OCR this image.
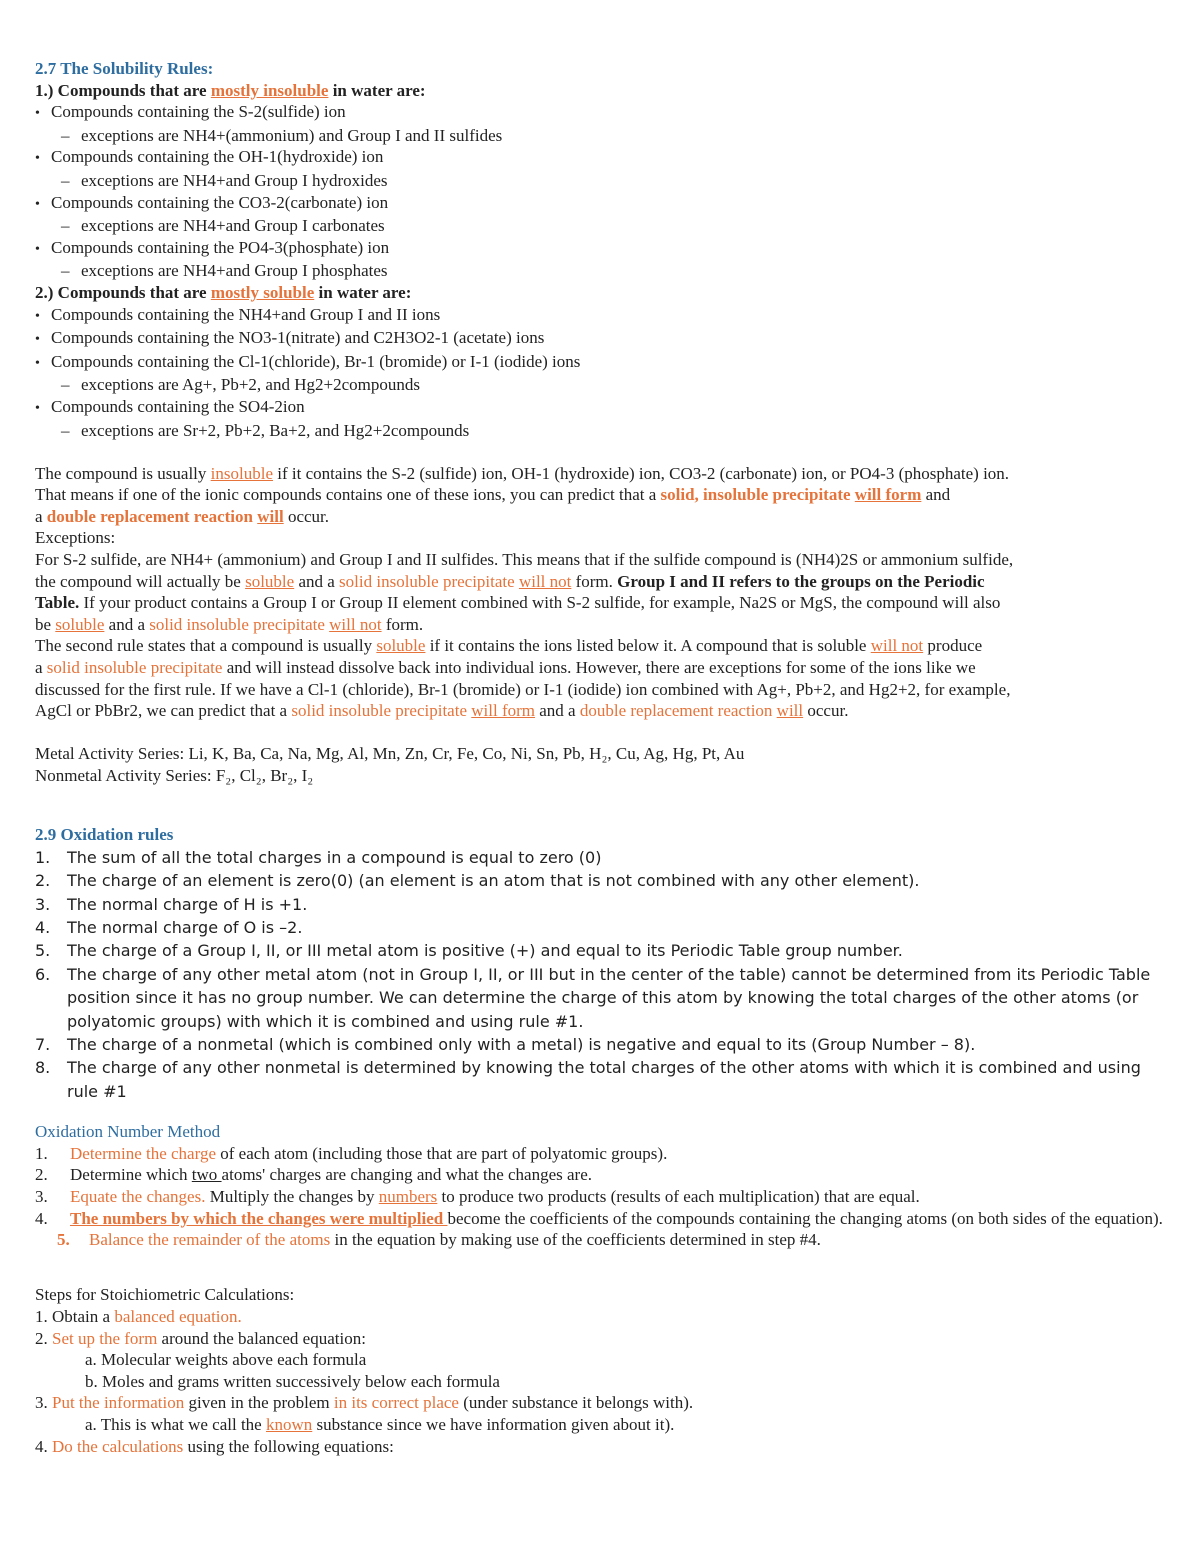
2.7 The Solubility Rules:
1.) Compounds that are mostly insoluble in water are:
• Compounds containing the S-2(sulfide) ion
– exceptions are NH4+(ammonium) and Group I and II sulfides
• Compounds containing the OH-1(hydroxide) ion
– exceptions are NH4+and Group I hydroxides
• Compounds containing the CO3-2(carbonate) ion
– exceptions are NH4+and Group I carbonates
• Compounds containing the PO4-3(phosphate) ion
– exceptions are NH4+and Group I phosphates
2.) Compounds that are mostly soluble in water are:
• Compounds containing the NH4+and Group I and II ions
• Compounds containing the NO3-1(nitrate) and C2H3O2-1 (acetate) ions
• Compounds containing the Cl-1(chloride), Br-1 (bromide) or I-1 (iodide) ions
– exceptions are Ag+, Pb+2, and Hg2+2compounds
• Compounds containing the SO4-2ion
– exceptions are Sr+2, Pb+2, Ba+2, and Hg2+2compounds
The compound is usually insoluble if it contains the S-2 (sulfide) ion, OH-1 (hydroxide) ion, CO3-2 (carbonate) ion, or PO4-3 (phosphate) ion.
That means if one of the ionic compounds contains one of these ions, you can predict that a solid, insoluble precipitate will form and
a double replacement reaction will occur.
Exceptions:
For S-2 sulfide, are NH4+ (ammonium) and Group I and II sulfides. This means that if the sulfide compound is (NH4)2S or ammonium sulfide,
the compound will actually be soluble and a solid insoluble precipitate will not form. Group I and II refers to the groups on the Periodic
Table. If your product contains a Group I or Group II element combined with S-2 sulfide, for example, Na2S or MgS, the compound will also
be soluble and a solid insoluble precipitate will not form.
The second rule states that a compound is usually soluble if it contains the ions listed below it. A compound that is soluble will not produce
a solid insoluble precipitate and will instead dissolve back into individual ions. However, there are exceptions for some of the ions like we
discussed for the first rule. If we have a Cl-1 (chloride), Br-1 (bromide) or I-1 (iodide) ion combined with Ag+, Pb+2, and Hg2+2, for example,
AgCl or PbBr2, we can predict that a solid insoluble precipitate will form and a double replacement reaction will occur.
Metal Activity Series: Li, K, Ba, Ca, Na, Mg, Al, Mn, Zn, Cr, Fe, Co, Ni, Sn, Pb, H₂, Cu, Ag, Hg, Pt, Au
Nonmetal Activity Series: F₂, Cl₂, Br₂, I₂
2.9 Oxidation rules
1.	The sum of all the total charges in a compound is equal to zero (0)
2.	The charge of an element is zero(0) (an element is an atom that is not combined with any other element).
3.	The normal charge of H is +1.
4.	The normal charge of O is –2.
5.	The charge of a Group I, II, or III metal atom is positive (+) and equal to its Periodic Table group number.
6.	The charge of any other metal atom (not in Group I, II, or III but in the center of the table) cannot be determined from its Periodic Table position since it has no group number. We can determine the charge of this atom by knowing the total charges of the other atoms (or polyatomic groups) with which it is combined and using rule #1.
7.	The charge of a nonmetal (which is combined only with a metal) is negative and equal to its (Group Number – 8).
8.	The charge of any other nonmetal is determined by knowing the total charges of the other atoms with which it is combined and using rule #1
Oxidation Number Method
1.	Determine the charge of each atom (including those that are part of polyatomic groups).
2.	Determine which two atoms' charges are changing and what the changes are.
3.	Equate the changes. Multiply the changes by numbers to produce two products (results of each multiplication) that are equal.
4.	The numbers by which the changes were multiplied become the coefficients of the compounds containing the changing atoms (on both sides of the equation).
5. Balance the remainder of the atoms in the equation by making use of the coefficients determined in step #4.
Steps for Stoichiometric Calculations:
1. Obtain a balanced equation.
2. Set up the form around the balanced equation:
a. Molecular weights above each formula
b. Moles and grams written successively below each formula
3. Put the information given in the problem in its correct place (under substance it belongs with).
a. This is what we call the known substance since we have information given about it).
4. Do the calculations using the following equations:
